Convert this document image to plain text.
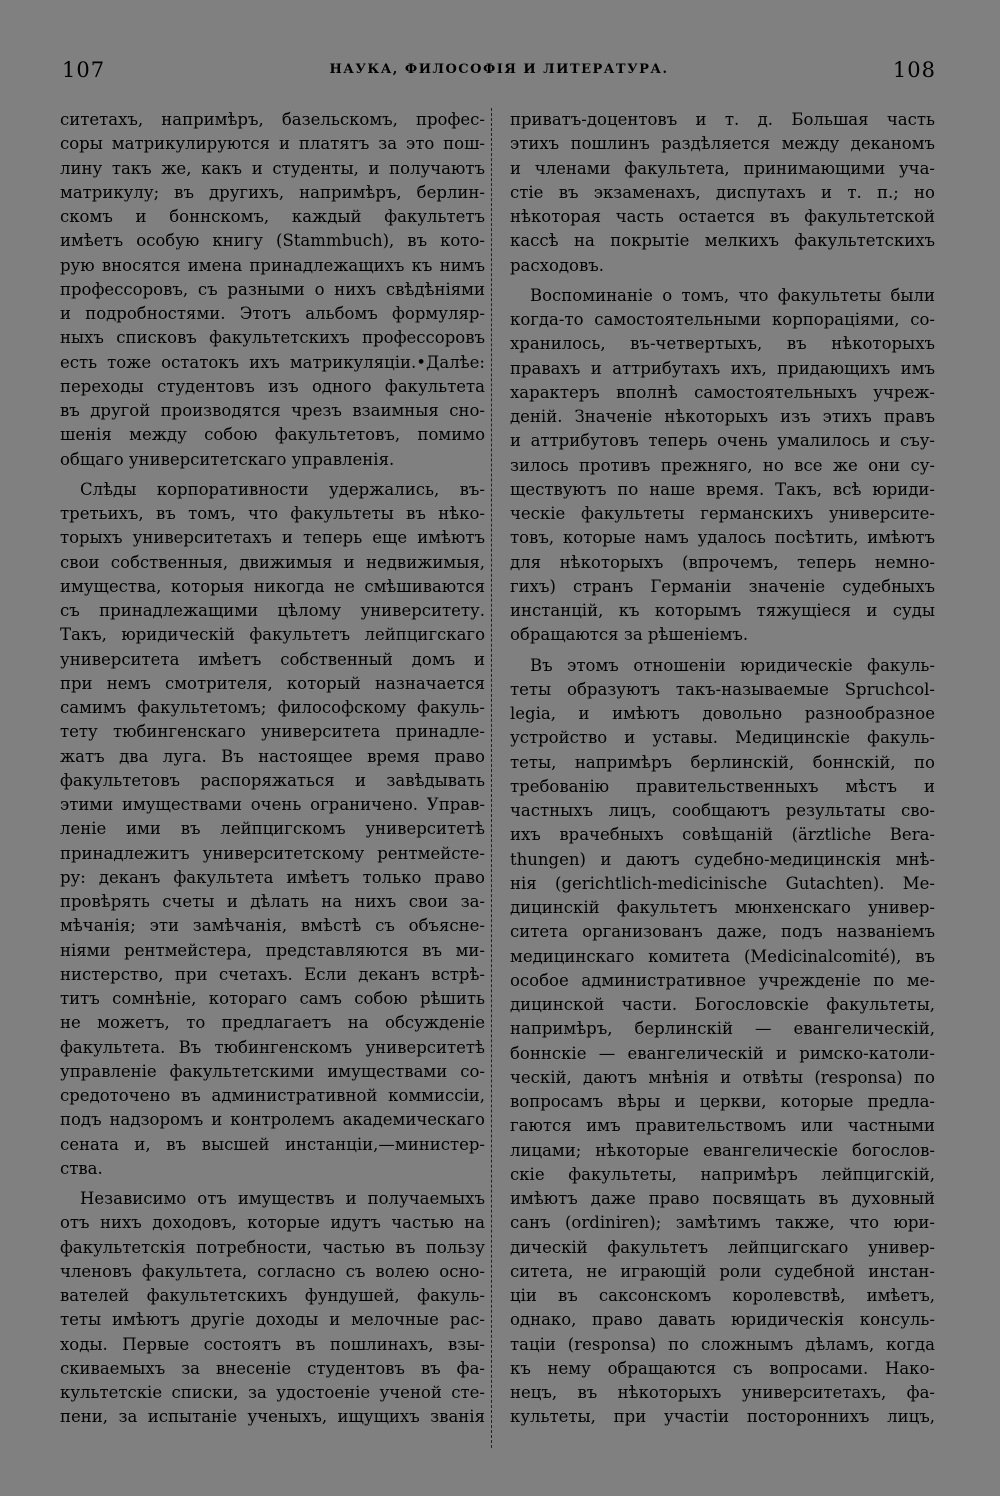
107	НАУКА, ФИЛОСОФІЯ И ЛИТЕРАТУРА.	108
ситетахъ, напримѣръ, базельскомъ, профес-
соры матрикулируются и платятъ за это пош-
лину такъ же, какъ и студенты, и получаютъ
матрикулу; въ другихъ, напримѣръ, берлин-
скомъ и боннскомъ, каждый факультетъ
имѣетъ особую книгу (Stammbuch), въ кото-
рую вносятся имена принадлежащихъ къ нимъ
профессоровъ, съ разными о нихъ свѣдѣніями
и подробностями. Этотъ альбомъ формуляр-
ныхъ списковъ факультетскихъ профессоровъ
есть тоже остатокъ ихъ матрикуляціи.•Далѣе:
переходы студентовъ изъ одного факультета
въ другой производятся чрезъ взаимныя сно-
шенія между собою факультетовъ, помимо
общаго университетскаго управленія.
Слѣды корпоративности удержались, въ-
третьихъ, въ томъ, что факультеты въ нѣко-
торыхъ университетахъ и теперь еще имѣютъ
свои собственныя, движимыя и недвижимыя,
имущества, которыя никогда не смѣшиваются
съ принадлежащими цѣлому университету.
Такъ, юридическій факультетъ лейпцигскаго
университета имѣетъ собственный домъ и
при немъ смотрителя, который назначается
самимъ факультетомъ; философскому факуль-
тету тюбингенскаго университета принадле-
жатъ два луга. Въ настоящее время право
факультетовъ распоряжаться и завѣдывать
этими имуществами очень ограничено. Управ-
леніе ими въ лейпцигскомъ университетѣ
принадлежитъ университетскому рентмейсте-
ру: деканъ факультета имѣетъ только право
провѣрять счеты и дѣлать на нихъ свои за-
мѣчанія; эти замѣчанія, вмѣстѣ съ объясне-
ніями рентмейстера, представляются въ ми-
нистерство, при счетахъ. Если деканъ встрѣ-
титъ сомнѣніе, котораго самъ собою рѣшить
не можетъ, то предлагаетъ на обсужденіе
факультета. Въ тюбингенскомъ университетѣ
управленіе факультетскими имуществами со-
средоточено въ административной коммиссіи,
подъ надзоромъ и контролемъ академическаго
сената и, въ высшей инстанціи,—министер-
ства.
Независимо отъ имуществъ и получаемыхъ
отъ нихъ доходовъ, которые идутъ частью на
факультетскія потребности, частью въ пользу
членовъ факультета, согласно съ волею осно-
вателей факультетскихъ фундушей, факуль-
теты имѣютъ другіе доходы и мелочные рас-
ходы. Первые состоятъ въ пошлинахъ, взы-
скиваемыхъ за внесеніе студентовъ въ фа-
культетскіе списки, за удостоеніе ученой сте-
пени, за испытаніе ученыхъ, ищущихъ званія
приватъ-доцентовъ и т. д. Большая часть
этихъ пошлинъ раздѣляется между деканомъ
и членами факультета, принимающими уча-
стіе въ экзаменахъ, диспутахъ и т. п.; но
нѣкоторая часть остается въ факультетской
кассѣ на покрытіе мелкихъ факультетскихъ
расходовъ.
Воспоминаніе о томъ, что факультеты были
когда-то самостоятельными корпораціями, со-
хранилось, въ-четвертыхъ, въ нѣкоторыхъ
правахъ и аттрибутахъ ихъ, придающихъ имъ
характеръ вполнѣ самостоятельныхъ учреж-
деній. Значеніе нѣкоторыхъ изъ этихъ правъ
и аттрибутовъ теперь очень умалилось и съу-
зилось противъ прежняго, но все же они су-
ществуютъ по наше время. Такъ, всѣ юриди-
ческіе факультеты германскихъ университе-
товъ, которые намъ удалось посѣтить, имѣютъ
для нѣкоторыхъ (впрочемъ, теперь немно-
гихъ) странъ Германіи значеніе судебныхъ
инстанцій, къ которымъ тяжущіеся и суды
обращаются за рѣшеніемъ.
Въ этомъ отношеніи юридическіе факуль-
теты образуютъ такъ-называемые Spruchcol-
legia, и имѣютъ довольно разнообразное
устройство и уставы. Медицинскіе факуль-
теты, напримѣръ берлинскій, боннскій, по
требованію правительственныхъ мѣстъ и
частныхъ лицъ, сообщаютъ результаты сво-
ихъ врачебныхъ совѣщаній (ärztliche Bera-
thungen) и даютъ судебно-медицинскія мнѣ-
нія (gerichtlich-medicinische Gutachten). Ме-
дицинскій факультетъ мюнхенскаго универ-
ситета организованъ даже, подъ названіемъ
медицинскаго комитета (Medicinalcomité), въ
особое административное учрежденіе по ме-
дицинской части. Богословскіе факультеты,
напримѣръ, берлинскій — евангелическій,
боннскіе — евангелическій и римско-католи-
ческій, даютъ мнѣнія и отвѣты (responsa) по
вопросамъ вѣры и церкви, которые предла-
гаются имъ правительствомъ или частными
лицами; нѣкоторые евангелическіе богослов-
скіе факультеты, напримѣръ лейпцигскій,
имѣютъ даже право посвящать въ духовный
санъ (ordiniren); замѣтимъ также, что юри-
дическій факультетъ лейпцигскаго универ-
ситета, не играющій роли судебной инстан-
ціи въ саксонскомъ королевствѣ, имѣетъ,
однако, право давать юридическія консуль-
таціи (responsa) по сложнымъ дѣламъ, когда
къ нему обращаются съ вопросами. Нако-
нецъ, въ нѣкоторыхъ университетахъ, фа-
культеты, при участіи постороннихъ лицъ,
